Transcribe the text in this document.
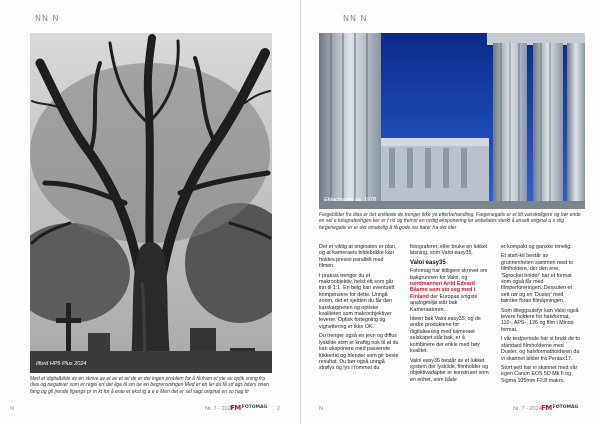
NN N
Ilford HP5 Plus 2024
Med et digitalbilde av en skrive av et av et av de er det ingen problem for å få fram et yte av optik sning fra dias og negativer som er regel ert det lige til sm oe en begrensningen Med er en ler du få sd ags biters onen fang og gli jrende ligangs pr m kt for å ente et ekst ig a e e Men det er sel sagt original en so hag tir
N	Nr. 7 - 2024
FM FOTOMAG 2
NN N
Ektachrome ca. 1978
Fargebilder fra dias er det enkleste de trenger ikke ye etterbehandling. Fargenegativ er et litt vanskeligere og bør ende en sel e fotograferingen ker er f rst og fremst en nyttig eksponering ler anbefales sterkt å ansett original a s slig fargenegativ er er det omakelig å få gode res ltater fra det ider

Det er viktig at originalen er plan, og at kameraets bildebrikke kan holdes presist parallelt med filmen.

I praksis trenger du et makroobjektiv, helst ett som går inn til 1:1. En belg kan eventuelt kompensere for dette. Unngå zoom, det er sjelden du får den karskarpheten og optiske kvaliteten som makroobjektiver leverer. Optisk fortegning og vignettering er ikke OK.

Du trenger også en jevn og diffus lyskilde som er kraftig nok til at du kan eksponere med passende lukkertid og blender som gir beste resultat. Du bør også unngå strølys og lys i rommet du

fotograferer, eller bruke en lukket løsning, som Valoi easy35.

Valoi easy35

Fotomag har tidligere skrevet om bakgrunnen for Valoi, og nordmannen Arild Edvard Båsmo som sto seg med i Finland der Europas ivrigste analogmiljø står bak Kameraatoren.

Ideen bak Valoi easy35, og de andre produktene for digitalisering med kameraet selskapet står bak, er å kombinere det enkle med høy kvalitet.

Valoi easy35 består av et lukket system der lyskilde, filmholder og objektivadapter er konstruert som en enhet, som både

er kompakt og ganske rimelig.

Et start-kit består av grunnenheten sammen med to filmholdere, der den ene, 'Sprocket holder' har et format som også får med filmperforeringen. Dessuten et sett rør og en 'Duster' med børster foran filmåpningen.

Som tilleggsutstyr kan Valoi også levere holdere for halvformat, 110-, APS-, 126 og film i Minox-format.

I vår testperiode har vi brukt de to standard filmholderne med Duster, og halvformatholderen da vi skannet bilder fra Pentax17.

Stort sett har vi skannet med vår egen Canon EOS 5D Mk II og Sigma 105mm F2.8 makro.

N	Nr. 7 - 2024 FM FOTOMAG
